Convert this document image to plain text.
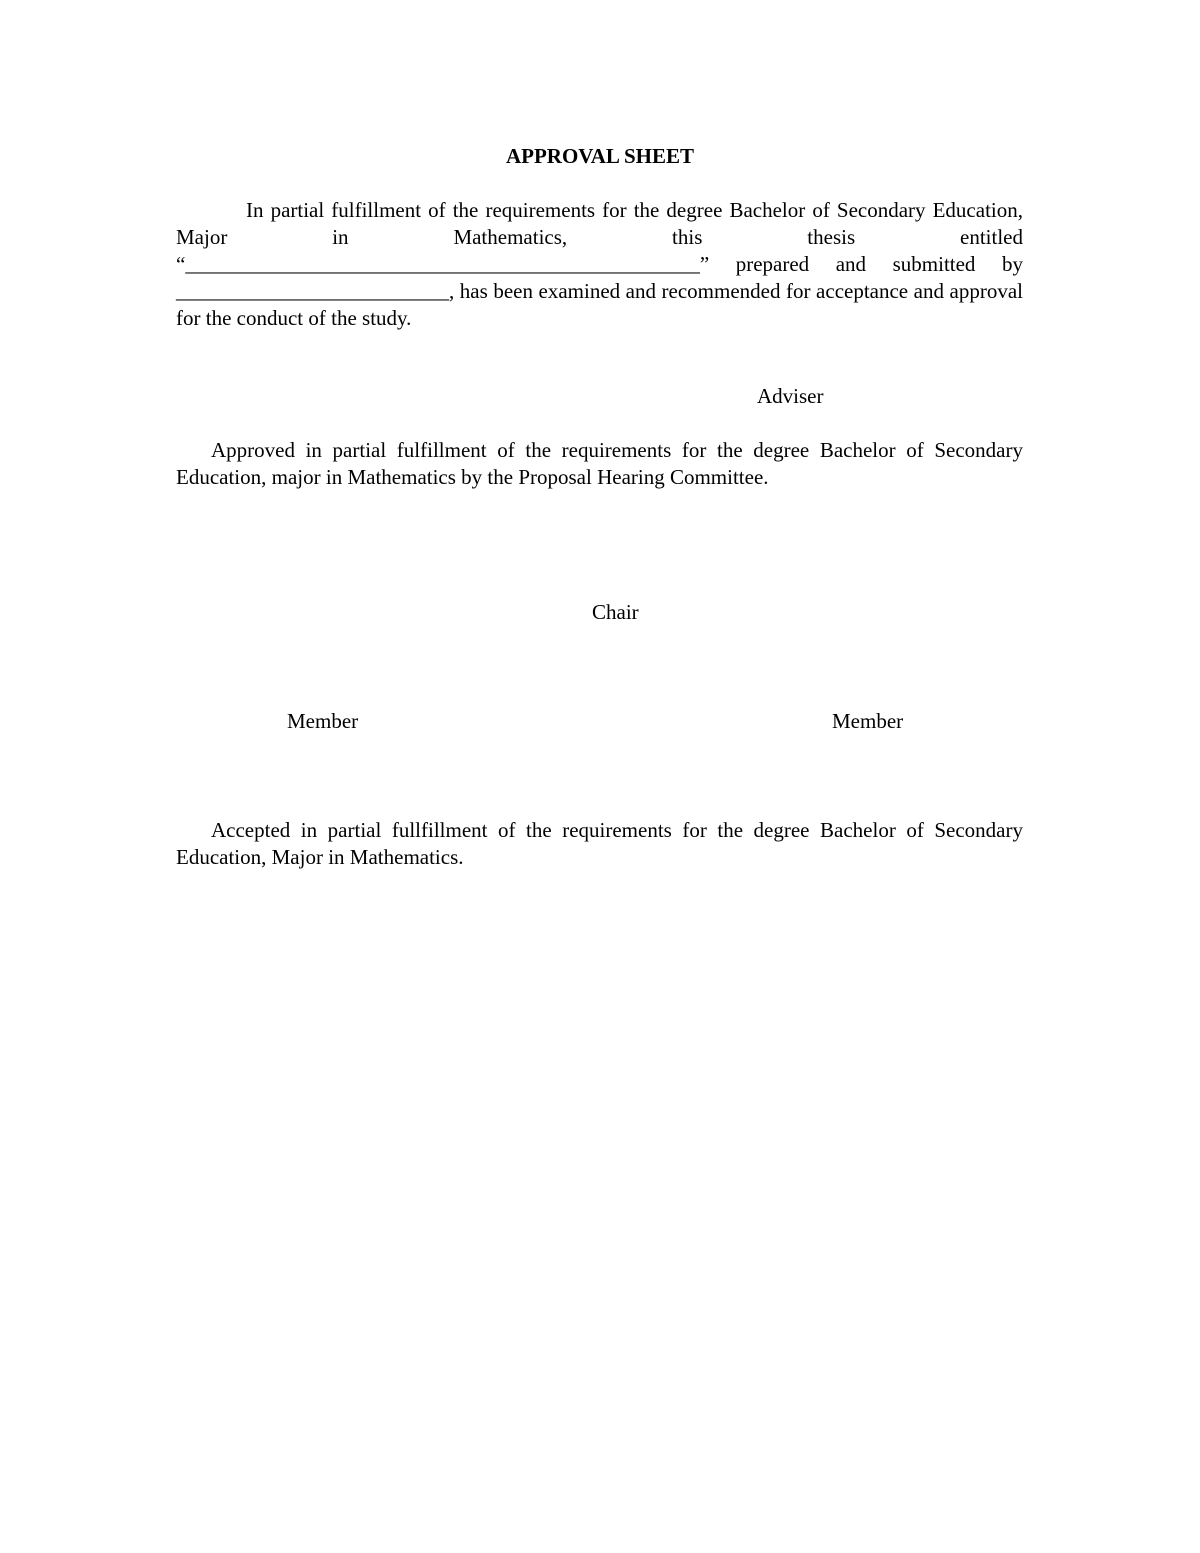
APPROVAL SHEET

In partial fulfillment of the requirements for the degree Bachelor of Secondary Education, Major in Mathematics, this thesis entitled “_________________________________________________” prepared and submitted by __________________________, has been examined and recommended for acceptance and approval for the conduct of the study.

Adviser

Approved in partial fulfillment of the requirements for the degree Bachelor of Secondary Education, major in Mathematics by the Proposal Hearing Committee.

Chair
Member	Member

Accepted in partial fullfillment of the requirements for the degree Bachelor of Secondary Education, Major in Mathematics.
